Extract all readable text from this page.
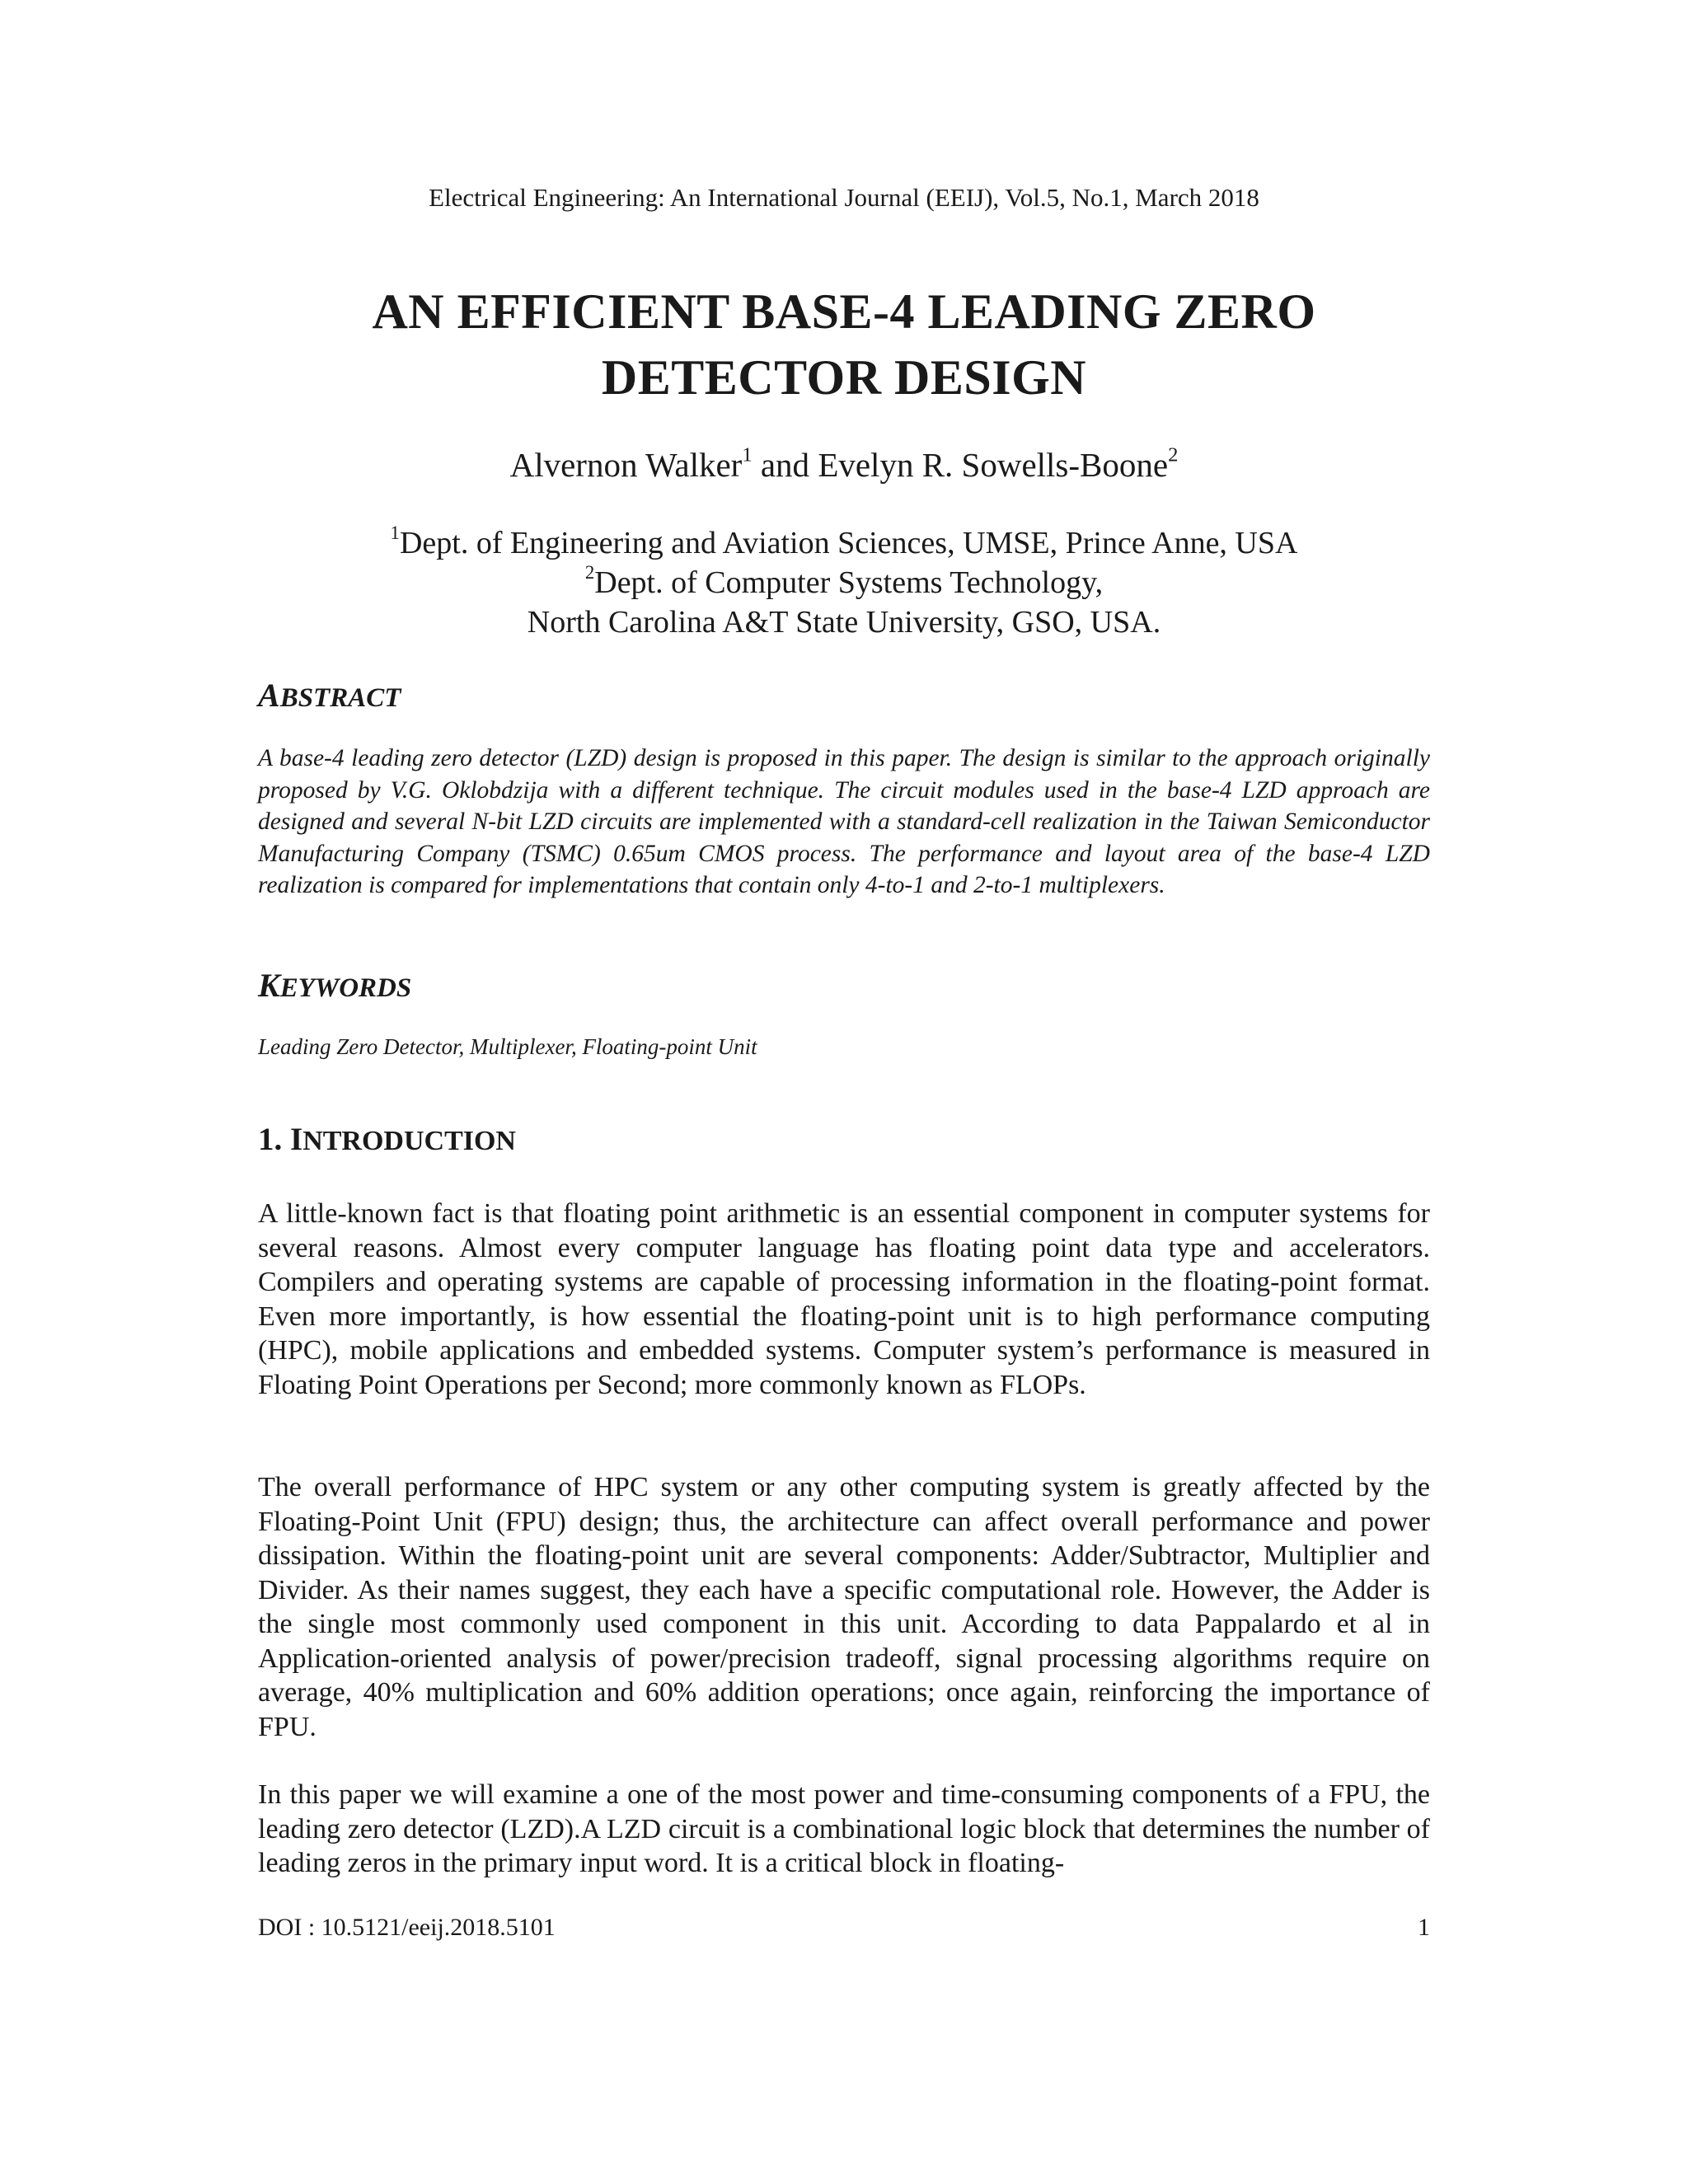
Electrical Engineering: An International Journal (EEIJ), Vol.5, No.1, March 2018
AN EFFICIENT BASE-4 LEADING ZERO
DETECTOR DESIGN
Alvernon Walker$^1$ and Evelyn R. Sowells-Boone$^2$
$^1$Dept. of Engineering and Aviation Sciences, UMSE, Prince Anne, USA
$^2$Dept. of Computer Systems Technology,
North Carolina A&T State University, GSO, USA.
ABSTRACT
A base-4 leading zero detector (LZD) design is proposed in this paper. The design is similar to the approach originally proposed by V.G. Oklobdzija with a different technique. The circuit modules used in the base-4 LZD approach are designed and several N-bit LZD circuits are implemented with a standard-cell realization in the Taiwan Semiconductor Manufacturing Company (TSMC) 0.65um CMOS process. The performance and layout area of the base-4 LZD realization is compared for implementations that contain only 4-to-1 and 2-to-1 multiplexers.
KEYWORDS
Leading Zero Detector, Multiplexer, Floating-point Unit
1. INTRODUCTION
A little-known fact is that floating point arithmetic is an essential component in computer systems for several reasons. Almost every computer language has floating point data type and accelerators. Compilers and operating systems are capable of processing information in the floating-point format. Even more importantly, is how essential the floating-point unit is to high performance computing (HPC), mobile applications and embedded systems. Computer system’s performance is measured in Floating Point Operations per Second; more commonly known as FLOPs.
The overall performance of HPC system or any other computing system is greatly affected by the Floating-Point Unit (FPU) design; thus, the architecture can affect overall performance and power dissipation. Within the floating-point unit are several components: Adder/Subtractor, Multiplier and Divider. As their names suggest, they each have a specific computational role. However, the Adder is the single most commonly used component in this unit. According to data Pappalardo et al in Application-oriented analysis of power/precision tradeoff, signal processing algorithms require on average, 40% multiplication and 60% addition operations; once again, reinforcing the importance of FPU.
In this paper we will examine a one of the most power and time-consuming components of a FPU, the leading zero detector (LZD).A LZD circuit is a combinational logic block that determines the number of leading zeros in the primary input word. It is a critical block in floating-
DOI : 10.5121/eeij.2018.5101	1
